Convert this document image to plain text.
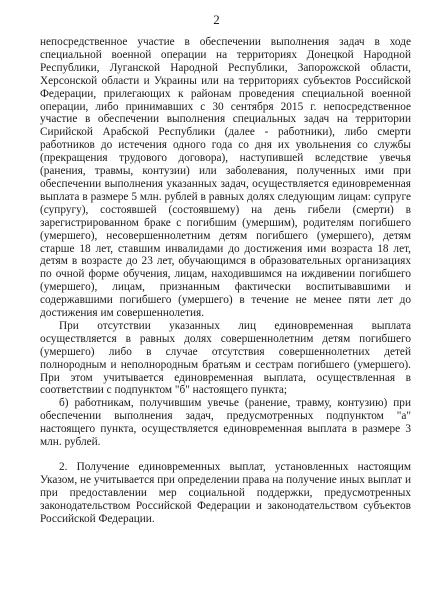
2

непосредственное участие в обеспечении выполнения задач в ходе специальной военной операции на территориях Донецкой Народной Республики, Луганской Народной Республики, Запорожской области, Херсонской области и Украины или на территориях субъектов Российской Федерации, прилегающих к районам проведения специальной военной операции, либо принимавших с 30 сентября 2015 г. непосредственное участие в обеспечении выполнения специальных задач на территории Сирийской Арабской Республики (далее - работники), либо смерти работников до истечения одного года со дня их увольнения со службы (прекращения трудового договора), наступившей вследствие увечья (ранения, травмы, контузии) или заболевания, полученных ими при обеспечении выполнения указанных задач, осуществляется единовременная выплата в размере 5 млн. рублей в равных долях следующим лицам: супруге (супругу), состоявшей (состоявшему) на день гибели (смерти) в зарегистрированном браке с погибшим (умершим), родителям погибшего (умершего), несовершеннолетним детям погибшего (умершего), детям старше 18 лет, ставшим инвалидами до достижения ими возраста 18 лет, детям в возрасте до 23 лет, обучающимся в образовательных организациях по очной форме обучения, лицам, находившимся на иждивении погибшего (умершего), лицам, признанным фактически воспитывавшими и содержавшими погибшего (умершего) в течение не менее пяти лет до достижения им совершеннолетия.

При отсутствии указанных лиц единовременная выплата осуществляется в равных долях совершеннолетним детям погибшего (умершего) либо в случае отсутствия совершеннолетних детей полнородным и неполнородным братьям и сестрам погибшего (умершего). При этом учитывается единовременная выплата, осуществленная в соответствии с подпунктом "б" настоящего пункта;

б) работникам, получившим увечье (ранение, травму, контузию) при обеспечении выполнения задач, предусмотренных подпунктом "а" настоящего пункта, осуществляется единовременная выплата в размере 3 млн. рублей.

2. Получение единовременных выплат, установленных настоящим Указом, не учитывается при определении права на получение иных выплат и при предоставлении мер социальной поддержки, предусмотренных законодательством Российской Федерации и законодательством субъектов Российской Федерации.
